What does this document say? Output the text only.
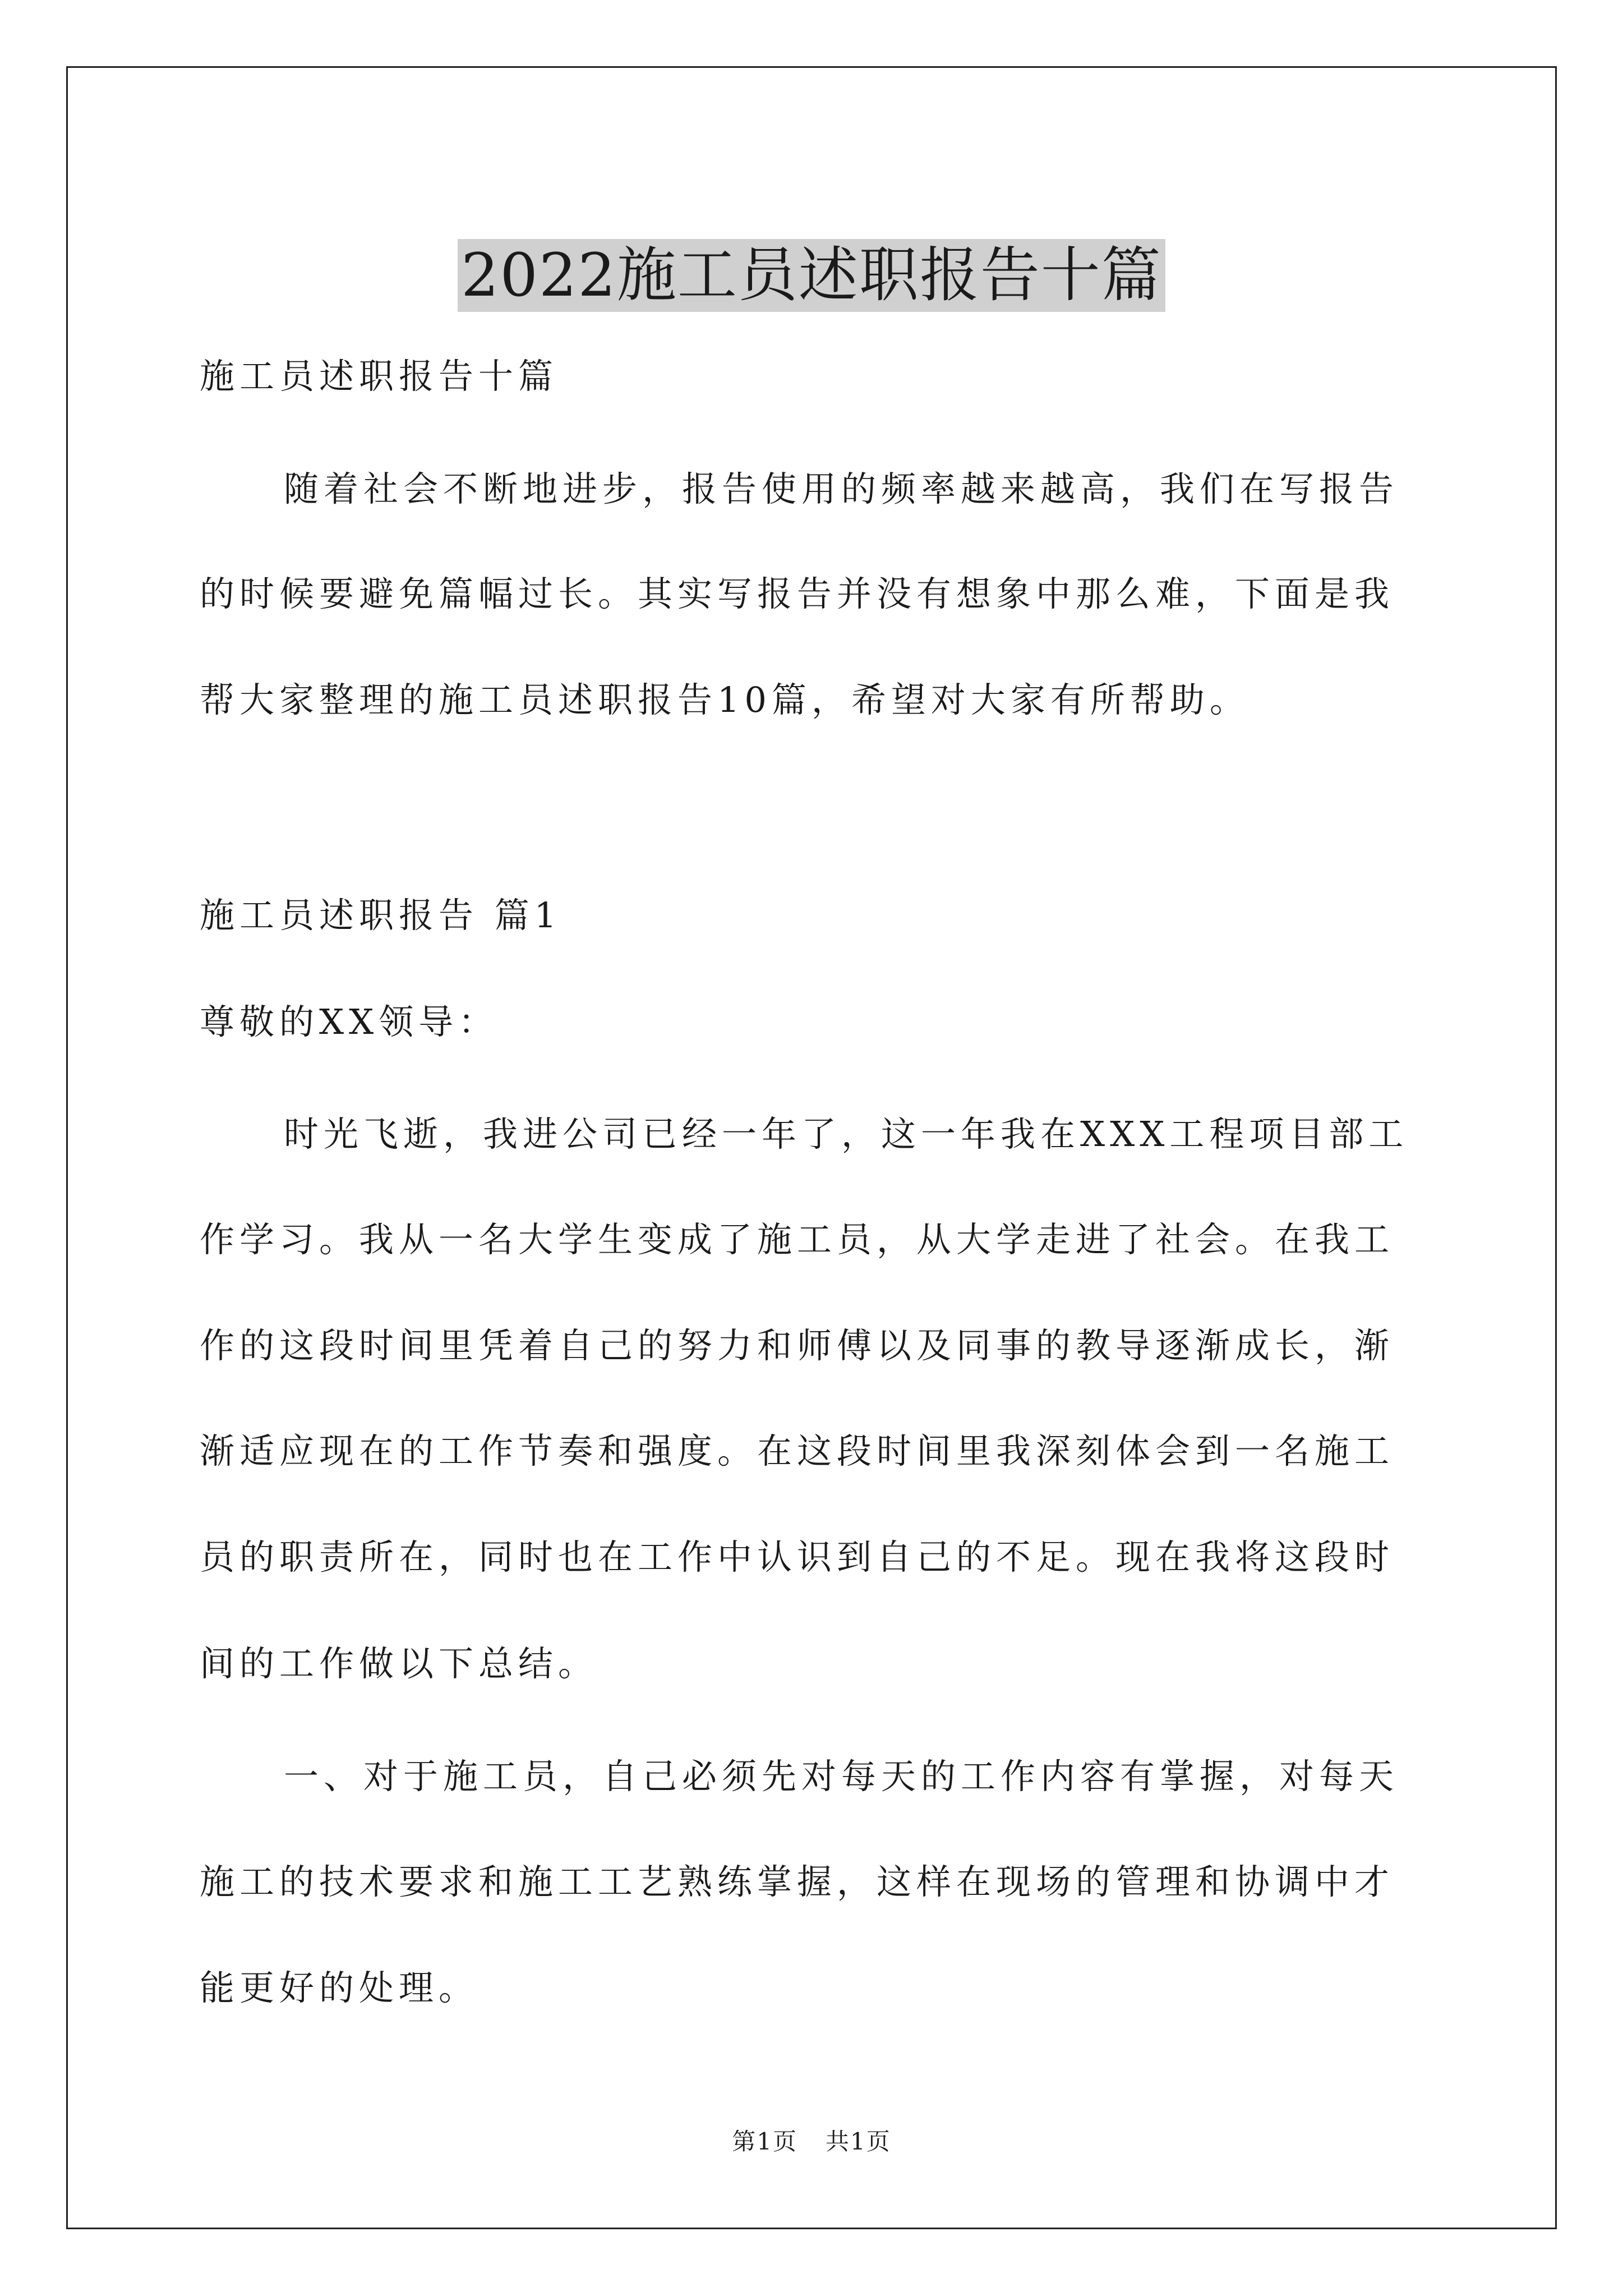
2022施工员述职报告十篇
施工员述职报告十篇
随着社会不断地进步，报告使用的频率越来越高，我们在写报告
的时候要避免篇幅过长。其实写报告并没有想象中那么难，下面是我
帮大家整理的施工员述职报告10篇，希望对大家有所帮助。
施工员述职报告 篇1
尊敬的XX领导：
时光飞逝，我进公司已经一年了，这一年我在XXX工程项目部工
作学习。我从一名大学生变成了施工员，从大学走进了社会。在我工
作的这段时间里凭着自己的努力和师傅以及同事的教导逐渐成长，渐
渐适应现在的工作节奏和强度。在这段时间里我深刻体会到一名施工
员的职责所在，同时也在工作中认识到自己的不足。现在我将这段时
间的工作做以下总结。
一、对于施工员，自己必须先对每天的工作内容有掌握，对每天
施工的技术要求和施工工艺熟练掌握，这样在现场的管理和协调中才
能更好的处理。
第1页 共1页
